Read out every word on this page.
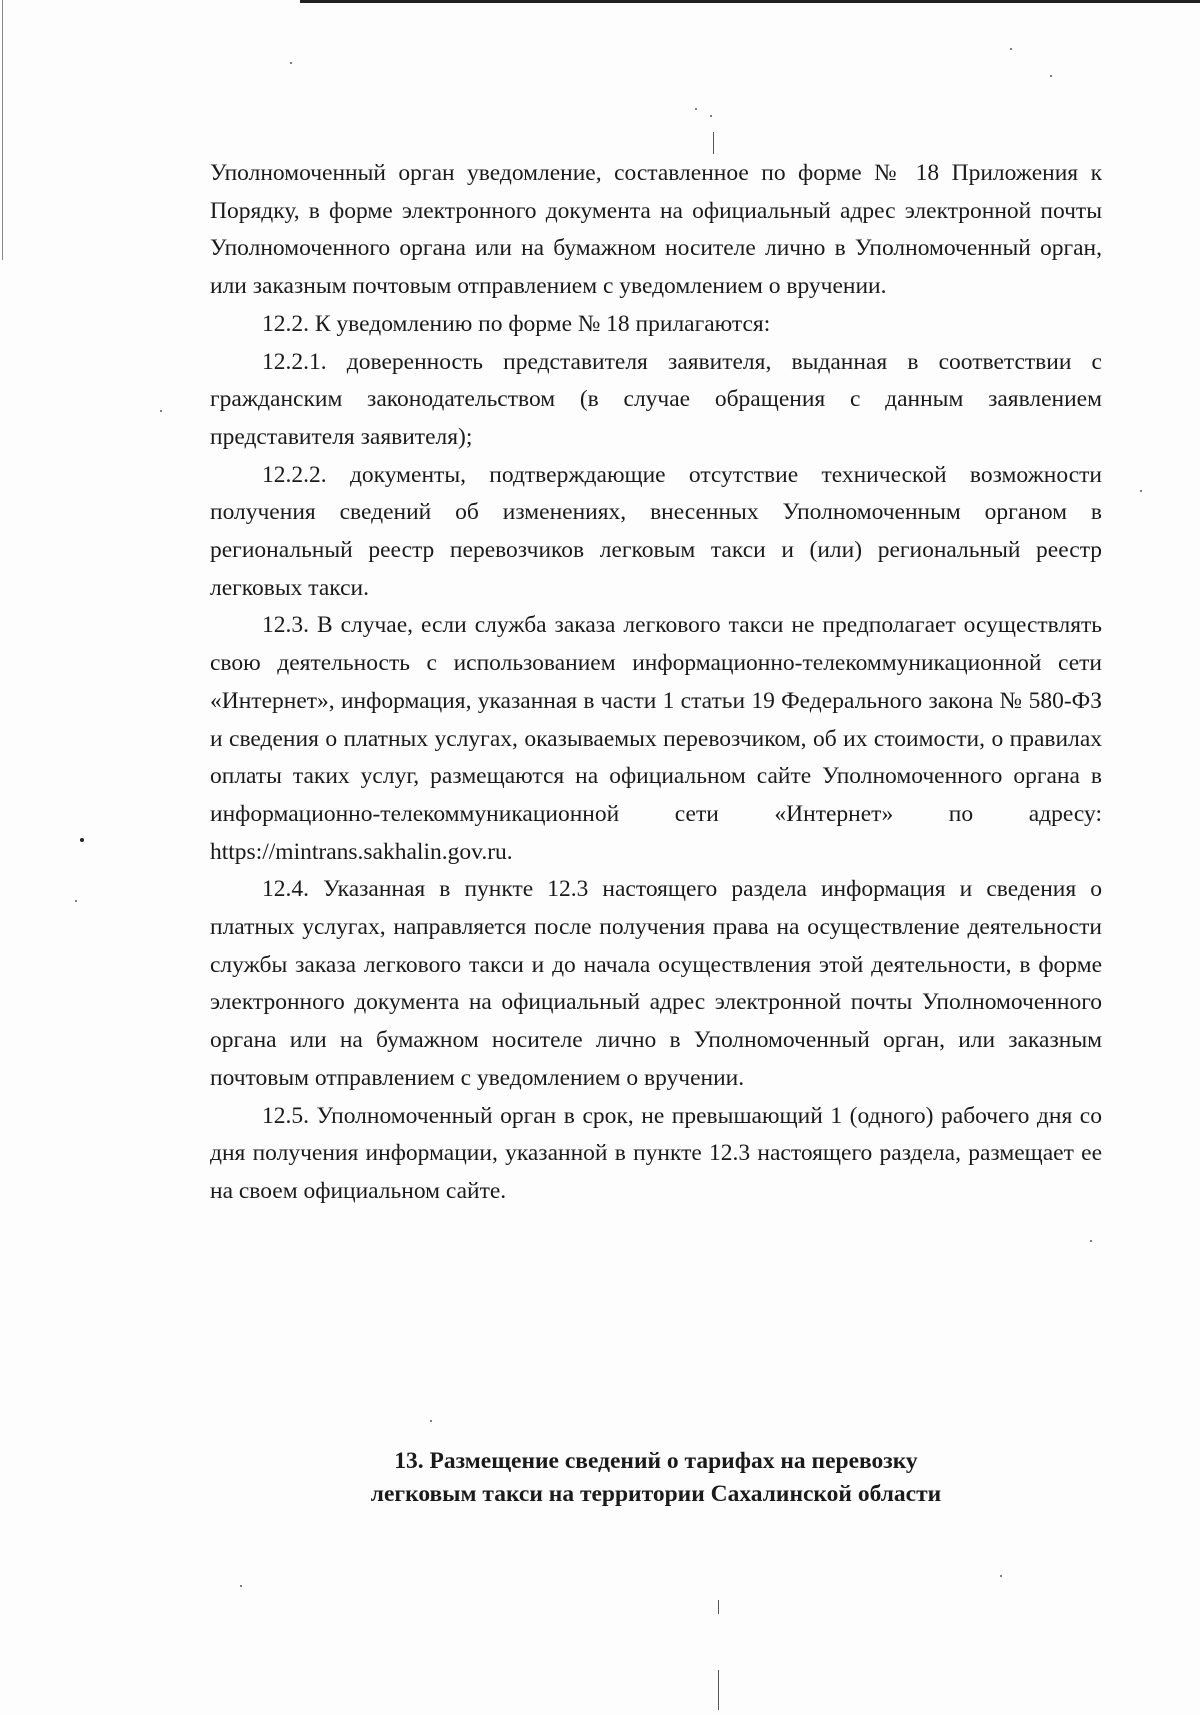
Уполномоченный орган уведомление, составленное по форме № 18 Приложения к Порядку, в форме электронного документа на официальный адрес электронной почты Уполномоченного органа или на бумажном носителе лично в Уполномоченный орган, или заказным почтовым отправлением с уведомлением о вручении.

12.2. К уведомлению по форме № 18 прилагаются:

12.2.1. доверенность представителя заявителя, выданная в соответствии с гражданским законодательством (в случае обращения с данным заявлением представителя заявителя);

12.2.2. документы, подтверждающие отсутствие технической возможности получения сведений об изменениях, внесенных Уполномоченным органом в региональный реестр перевозчиков легковым такси и (или) региональный реестр легковых такси.

12.3. В случае, если служба заказа легкового такси не предполагает осуществлять свою деятельность с использованием информационно-телекоммуникационной сети «Интернет», информация, указанная в части 1 статьи 19 Федерального закона № 580-ФЗ и сведения о платных услугах, оказываемых перевозчиком, об их стоимости, о правилах оплаты таких услуг, размещаются на официальном сайте Уполномоченного органа в информационно-телекоммуникационной сети «Интернет» по адресу: https://mintrans.sakhalin.gov.ru.

12.4. Указанная в пункте 12.3 настоящего раздела информация и сведения о платных услугах, направляется после получения права на осуществление деятельности службы заказа легкового такси и до начала осуществления этой деятельности, в форме электронного документа на официальный адрес электронной почты Уполномоченного органа или на бумажном носителе лично в Уполномоченный орган, или заказным почтовым отправлением с уведомлением о вручении.

12.5. Уполномоченный орган в срок, не превышающий 1 (одного) рабочего дня со дня получения информации, указанной в пункте 12.3 настоящего раздела, размещает ее на своем официальном сайте.

13. Размещение сведений о тарифах на перевозку
легковым такси на территории Сахалинской области
